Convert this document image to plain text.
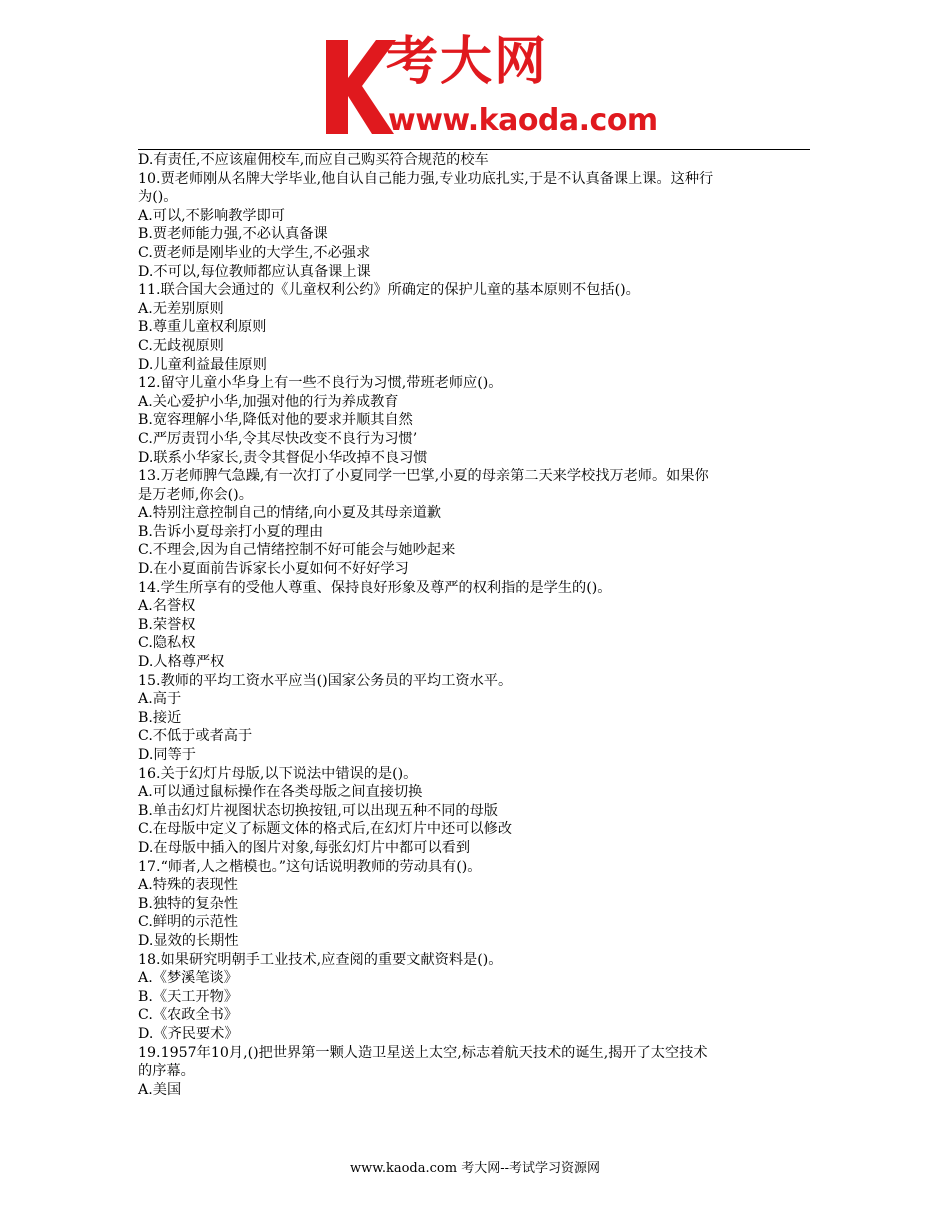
考大网
www.kaoda.com
D.有责任,不应该雇佣校车,而应自己购买符合规范的校车
10.贾老师刚从名牌大学毕业,他自认自己能力强,专业功底扎实,于是不认真备课上课。这种行
为()。
A.可以,不影响教学即可
B.贾老师能力强,不必认真备课
C.贾老师是刚毕业的大学生,不必强求
D.不可以,每位教师都应认真备课上课
11.联合国大会通过的《儿童权利公约》所确定的保护儿童的基本原则不包括()。
A.无差别原则
B.尊重儿童权利原则
C.无歧视原则
D.儿童利益最佳原则
12.留守儿童小华身上有一些不良行为习惯,带班老师应()。
A.关心爱护小华,加强对他的行为养成教育
B.宽容理解小华,降低对他的要求并顺其自然
C.严厉责罚小华,令其尽快改变不良行为习惯’
D.联系小华家长,责令其督促小华改掉不良习惯
13.万老师脾气急躁,有一次打了小夏同学一巴掌,小夏的母亲第二天来学校找万老师。如果你
是万老师,你会()。
A.特别注意控制自己的情绪,向小夏及其母亲道歉
B.告诉小夏母亲打小夏的理由
C.不理会,因为自己情绪控制不好可能会与她吵起来
D.在小夏面前告诉家长小夏如何不好好学习
14.学生所享有的受他人尊重、保持良好形象及尊严的权利指的是学生的()。
A.名誉权
B.荣誉权
C.隐私权
D.人格尊严权
15.教师的平均工资水平应当()国家公务员的平均工资水平。
A.高于
B.接近
C.不低于或者高于
D.同等于
16.关于幻灯片母版,以下说法中错误的是()。
A.可以通过鼠标操作在各类母版之间直接切换
B.单击幻灯片视图状态切换按钮,可以出现五种不同的母版
C.在母版中定义了标题文体的格式后,在幻灯片中还可以修改
D.在母版中插入的图片对象,每张幻灯片中都可以看到
17.“师者,人之楷模也。”这句话说明教师的劳动具有()。
A.特殊的表现性
B.独特的复杂性
C.鲜明的示范性
D.显效的长期性
18.如果研究明朝手工业技术,应查阅的重要文献资料是()。
A.《梦溪笔谈》
B.《天工开物》
C.《农政全书》
D.《齐民要术》
19.1957年10月,()把世界第一颗人造卫星送上太空,标志着航天技术的诞生,揭开了太空技术
的序幕。
A.美国
www.kaoda.com 考大网--考试学习资源网
